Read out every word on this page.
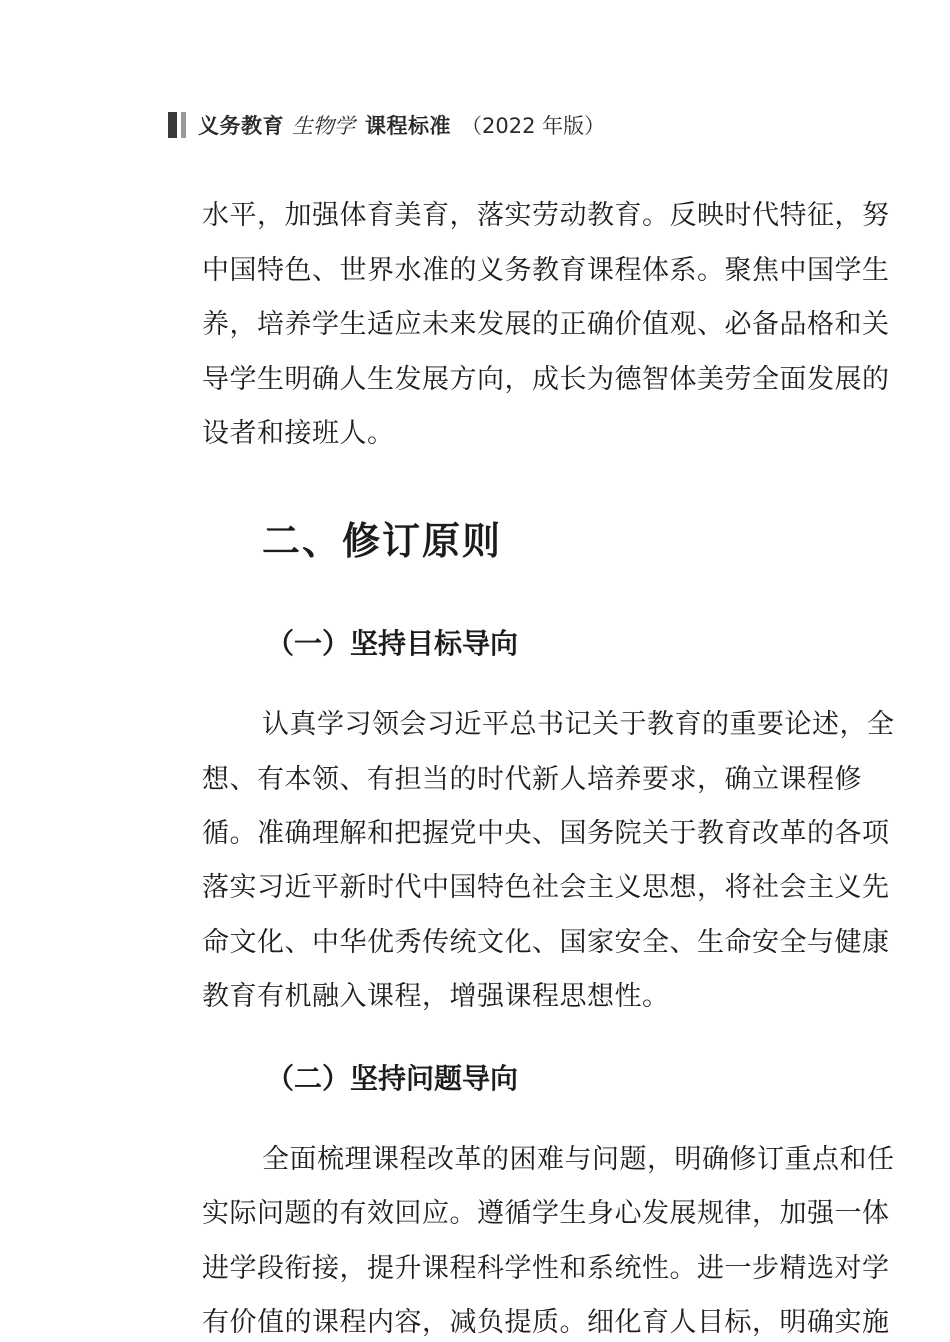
义务教育 生物学 课程标准 （2022 年版）
水平，加强体育美育，落实劳动教育。反映时代特征，努
中国特色、世界水准的义务教育课程体系。聚焦中国学生
养，培养学生适应未来发展的正确价值观、必备品格和关
导学生明确人生发展方向，成长为德智体美劳全面发展的
设者和接班人。
二、修订原则
（一）坚持目标导向
认真学习领会习近平总书记关于教育的重要论述，全
想、有本领、有担当的时代新人培养要求，确立课程修
循。准确理解和把握党中央、国务院关于教育改革的各项
落实习近平新时代中国特色社会主义思想，将社会主义先
命文化、中华优秀传统文化、国家安全、生命安全与健康
教育有机融入课程，增强课程思想性。
（二）坚持问题导向
全面梳理课程改革的困难与问题，明确修订重点和任
实际问题的有效回应。遵循学生身心发展规律，加强一体
进学段衔接，提升课程科学性和系统性。进一步精选对学
有价值的课程内容，减负提质。细化育人目标，明确实施
